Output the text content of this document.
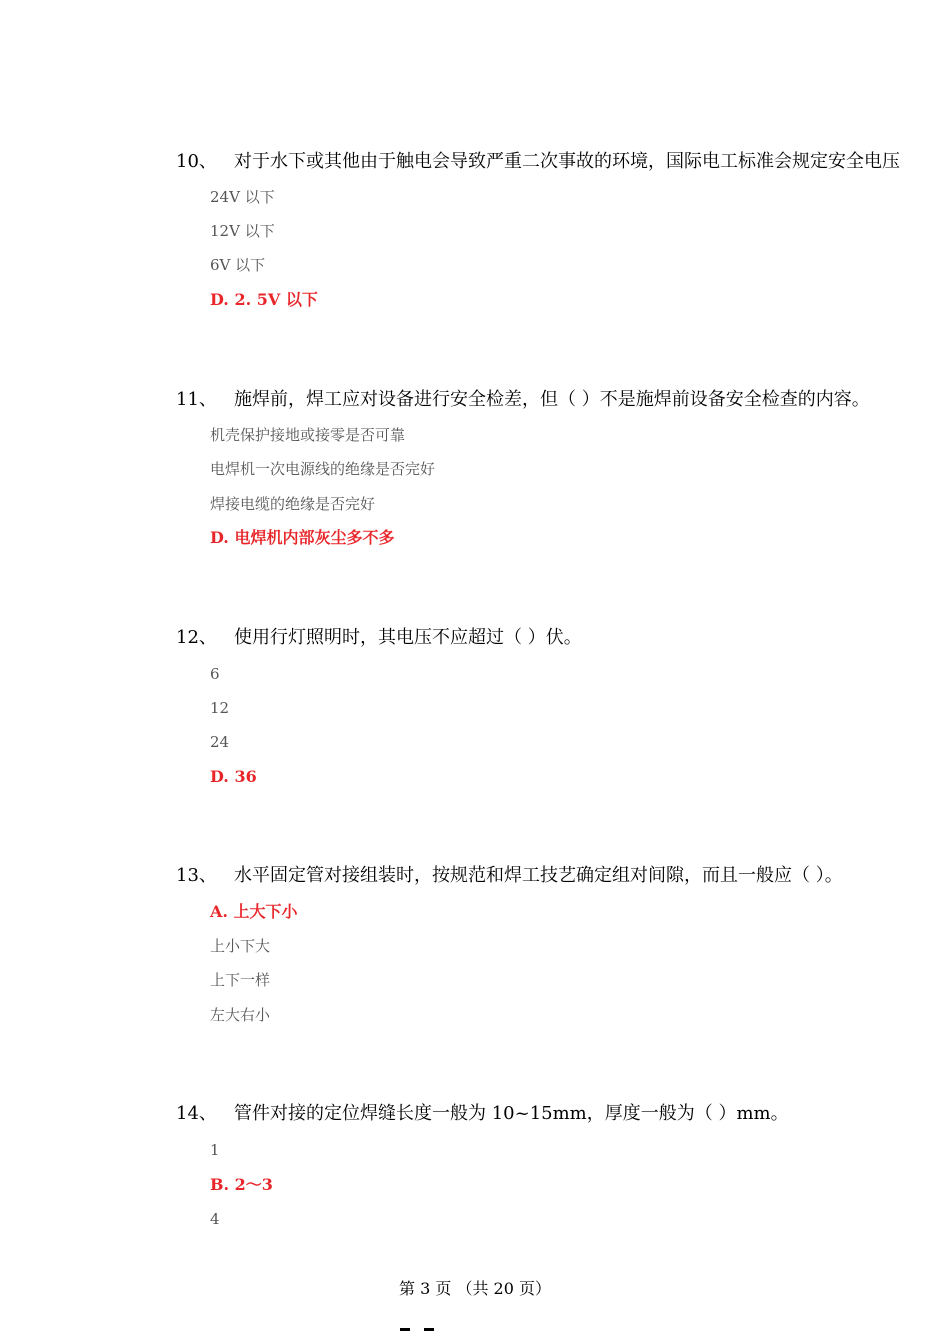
10、 对于水下或其他由于触电会导致严重二次事故的环境，国际电工标准会规定安全电压
24V 以下
12V 以下
6V 以下
D. 2. 5V 以下
11、 施焊前，焊工应对设备进行安全检差，但（ ）不是施焊前设备安全检查的内容。
机壳保护接地或接零是否可靠
电焊机一次电源线的绝缘是否完好
焊接电缆的绝缘是否完好
D. 电焊机内部灰尘多不多
12、 使用行灯照明时，其电压不应超过（ ）伏。
6
12
24
D. 36
13、 水平固定管对接组装时，按规范和焊工技艺确定组对间隙，而且一般应（ ）。
A. 上大下小
上小下大
上下一样
左大右小
14、 管件对接的定位焊缝长度一般为 10~15mm，厚度一般为（ ）mm。
1
B. 2～3
4
第 3 页 （共 20 页）
